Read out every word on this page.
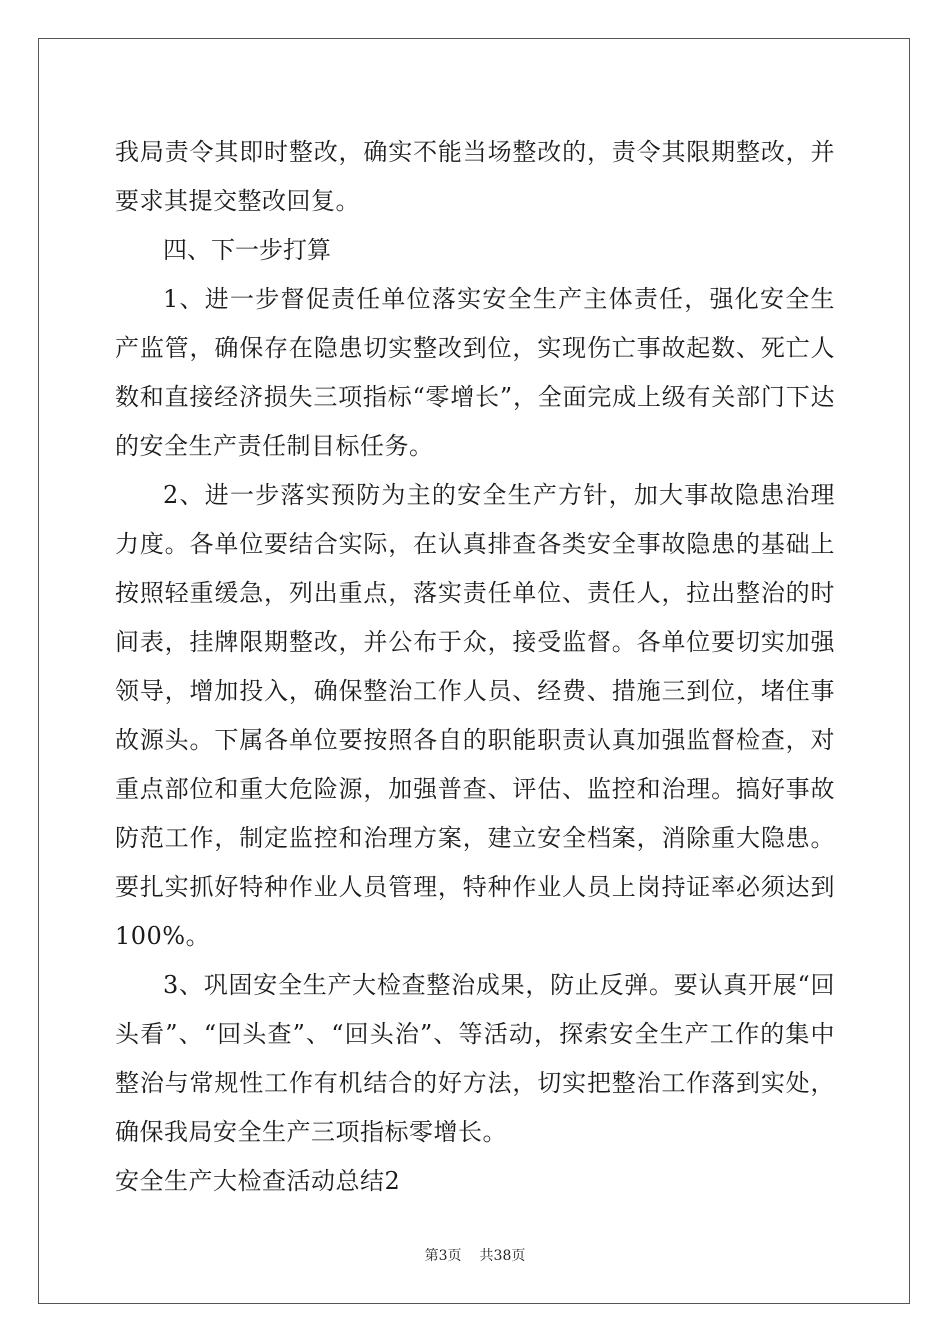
我局责令其即时整改，确实不能当场整改的，责令其限期整改，并要求其提交整改回复。

四、下一步打算

1、进一步督促责任单位落实安全生产主体责任，强化安全生产监管，确保存在隐患切实整改到位，实现伤亡事故起数、死亡人数和直接经济损失三项指标“零增长”，全面完成上级有关部门下达的安全生产责任制目标任务。

2、进一步落实预防为主的安全生产方针，加大事故隐患治理力度。各单位要结合实际，在认真排查各类安全事故隐患的基础上按照轻重缓急，列出重点，落实责任单位、责任人，拉出整治的时间表，挂牌限期整改，并公布于众，接受监督。各单位要切实加强领导，增加投入，确保整治工作人员、经费、措施三到位，堵住事故源头。下属各单位要按照各自的职能职责认真加强监督检查，对重点部位和重大危险源，加强普查、评估、监控和治理。搞好事故防范工作，制定监控和治理方案，建立安全档案，消除重大隐患。要扎实抓好特种作业人员管理，特种作业人员上岗持证率必须达到100%。

3、巩固安全生产大检查整治成果，防止反弹。要认真开展“回头看”、“回头查”、“回头治”、等活动，探索安全生产工作的集中整治与常规性工作有机结合的好方法，切实把整治工作落到实处，确保我局安全生产三项指标零增长。

安全生产大检查活动总结2

第3页 共38页
